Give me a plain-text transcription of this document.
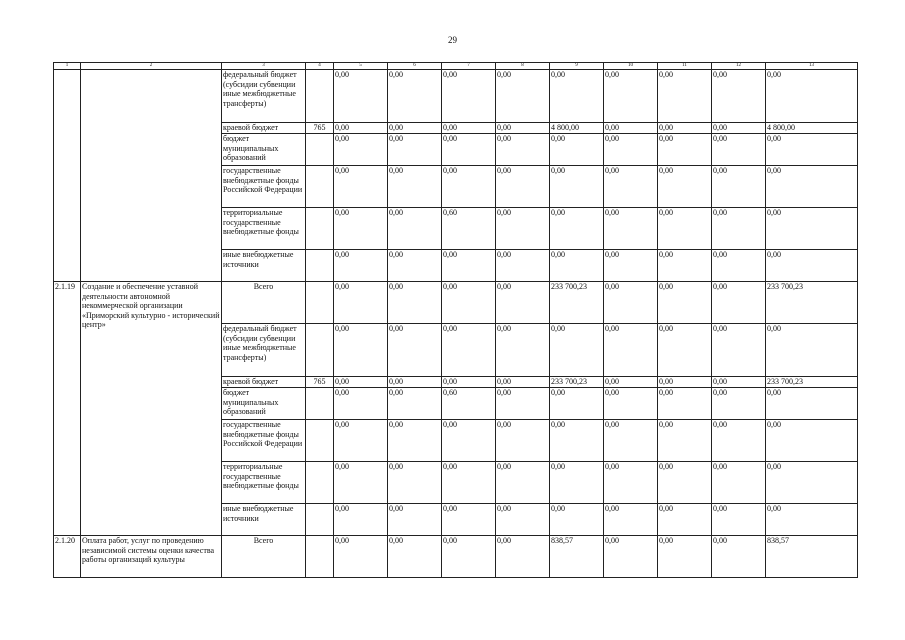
29
1	2	3	4	5	6	7	8	9	10	11	12	13
		федеральный бюджет (субсидии субвенции иные межбюджетные трансферты)		0,00	0,00	0,00	0,00	0,00	0,00	0,00	0,00	0,00
		краевой бюджет	765	0,00	0,00	0,00	0,00	4 800,00	0,00	0,00	0,00	4 800,00
		бюджет муниципальных образований		0,00	0,00	0,00	0,00	0,00	0,00	0,00	0,00	0,00
		государственные внебюджетные фонды Российской Федерации		0,00	0,00	0,00	0,00	0,00	0,00	0,00	0,00	0,00
		территориальные государственные внебюджетные фонды		0,00	0,00	0,60	0,00	0,00	0,00	0,00	0,00	0,00
		иные внебюджетные источники		0,00	0,00	0,00	0,00	0,00	0,00	0,00	0,00	0,00
2.1.19	Создание и обеспечение уставной деятельности автономной некоммерческой организации «Приморский культурно - исторический центр»	Всего		0,00	0,00	0,00	0,00	233 700,23	0,00	0,00	0,00	233 700,23
		федеральный бюджет (субсидии субвенции иные межбюджетные трансферты)		0,00	0,00	0,00	0,00	0,00	0,00	0,00	0,00	0,00
		краевой бюджет	765	0,00	0,00	0,00	0,00	233 700,23	0,00	0,00	0,00	233 700,23
		бюджет муниципальных образований		0,00	0,00	0,60	0,00	0,00	0,00	0,00	0,00	0,00
		государственные внебюджетные фонды Российской Федерации		0,00	0,00	0,00	0,00	0,00	0,00	0,00	0,00	0,00
		территориальные государственные внебюджетные фонды		0,00	0,00	0,00	0,00	0,00	0,00	0,00	0,00	0,00
		иные внебюджетные источники		0,00	0,00	0,00	0,00	0,00	0,00	0,00	0,00	0,00
2.1.20	Оплата работ, услуг по проведению независимой системы оценки качества работы организаций культуры	Всего		0,00	0,00	0,00	0,00	838,57	0,00	0,00	0,00	838,57
